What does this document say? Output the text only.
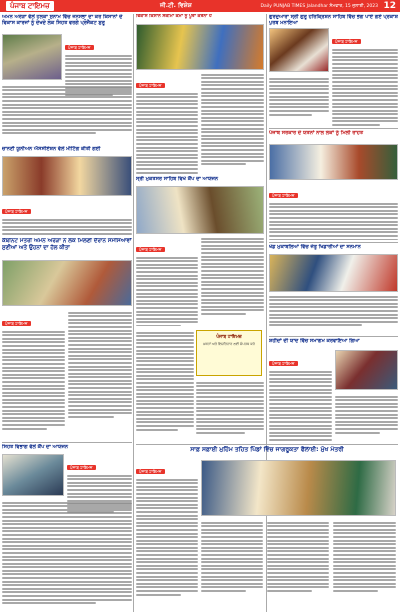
ਪੰਜਾਬ ਟਾਇਮਜ਼	ਜੀ.ਟੀ. ਵਿਸ਼ੇਸ਼	Daily PUNJAB TIMES Jalandhar ਸੋਮਵਾਰ, 15 ਜੁਲਾਈ, 2023 12
ਅਮਨ ਅਰੋੜਾ ਵੱਲੋਂ ਹਲਕਾ ਸੁਨਾਮ ਵਿੱਚ ਜਨਸਭਾ ਦਾ ਕਰ ਕਿਸਾਨਾਂ ਦੇ ਵਿਕਾਸ ਕਾਰਜਾਂ ਨੂੰ ਦੇਖਦੇ ਲੋਕ ਸਿਹਤ ਵਰਗੇ ਪ੍ਰੋਜੈਕਟ ਸ਼ੁਰੂ
ਪੰਜਾਬ ਟਾਇਮਜ਼
ਚਾਨਣੀ ਯੂਨੀਅਨ ਐਸੋਸੀਏਸ਼ਨ ਵੱਲੋਂ ਮੀਟਿੰਗ ਕੀਤੀ ਗਈ
ਪੰਜਾਬ ਟਾਇਮਜ਼
ਕੈਬਨਿਟ ਮੰਤਰੀ ਅਮਨ ਅਰੋੜਾ ਨੇ ਲੋਕ ਮਿਲਣੀ ਦੌਰਾਨ ਸਮੱਸਿਆਵਾਂ ਸੁਣੀਆਂ ਅਤੇ ਉਹਨਾਂ ਦਾ ਹੱਲ ਕੀਤਾ
ਪੰਜਾਬ ਟਾਇਮਜ਼
ਸਿਹਤ ਵਿਭਾਗ ਵੱਲੋਂ ਕੈਂਪ ਦਾ ਆਯੋਜਨ
ਪੰਜਾਬ ਟਾਇਮਜ਼
ਵਿਕਾਸ ਕਿਸਾਨ ਸਕੀਮਾਂ ਕੰਮਾਂ ਨੂੰ ਪੂਰਾ ਕਰਨਾ ਹੈ
ਪੰਜਾਬ ਟਾਇਮਜ਼
ਸ੍ਰੀ ਮੁਕਤਸਰ ਸਾਹਿਬ ਵਿਖੇ ਕੈਂਪ ਦਾ ਆਯੋਜਨ
ਪੰਜਾਬ ਟਾਇਮਜ਼
ਪੰਜਾਬ ਟਾਇਮਜ਼
ਖ਼ਬਰਾਂ ਅਤੇ ਇਸ਼ਤਿਹਾਰ ਲਈ ਸੰਪਰਕ ਕਰੋ
ਸਾਫ਼ ਸਫ਼ਾਈ ਮੁਹਿੰਮ ਤਹਿਤ ਪਿੰਡਾਂ ਵਿੱਚ ਜਾਗਰੂਕਤਾ ਫੈਲਾਈ: ਮੁੱਖ ਮੰਤਰੀ
ਪੰਜਾਬ ਟਾਇਮਜ਼
ਗੁਰਦੁਆਰਾ ਸ੍ਰੀ ਗੁਰੂ ਹਰਿਕ੍ਰਿਸ਼ਨ ਸਾਹਿਬ ਵਿੱਚ ਭੋਗ ਪਾਏ ਗਏ ਪ੍ਰਕਾਸ਼ ਪੁਰਬ ਮਨਾਇਆ
ਪੰਜਾਬ ਟਾਇਮਜ਼
ਪੰਜਾਬ ਸਰਕਾਰ ਦੇ ਯਤਨਾਂ ਨਾਲ ਲੋਕਾਂ ਨੂੰ ਮਿਲੀ ਰਾਹਤ
ਪੰਜਾਬ ਟਾਇਮਜ਼
ਖੇਡ ਮੁਕਾਬਲਿਆਂ ਵਿੱਚ ਜੇਤੂ ਖਿਡਾਰੀਆਂ ਦਾ ਸਨਮਾਨ
ਸ਼ਹੀਦਾਂ ਦੀ ਯਾਦ ਵਿੱਚ ਸਮਾਗਮ ਕਰਵਾਇਆ ਗਿਆ
ਪੰਜਾਬ ਟਾਇਮਜ਼
